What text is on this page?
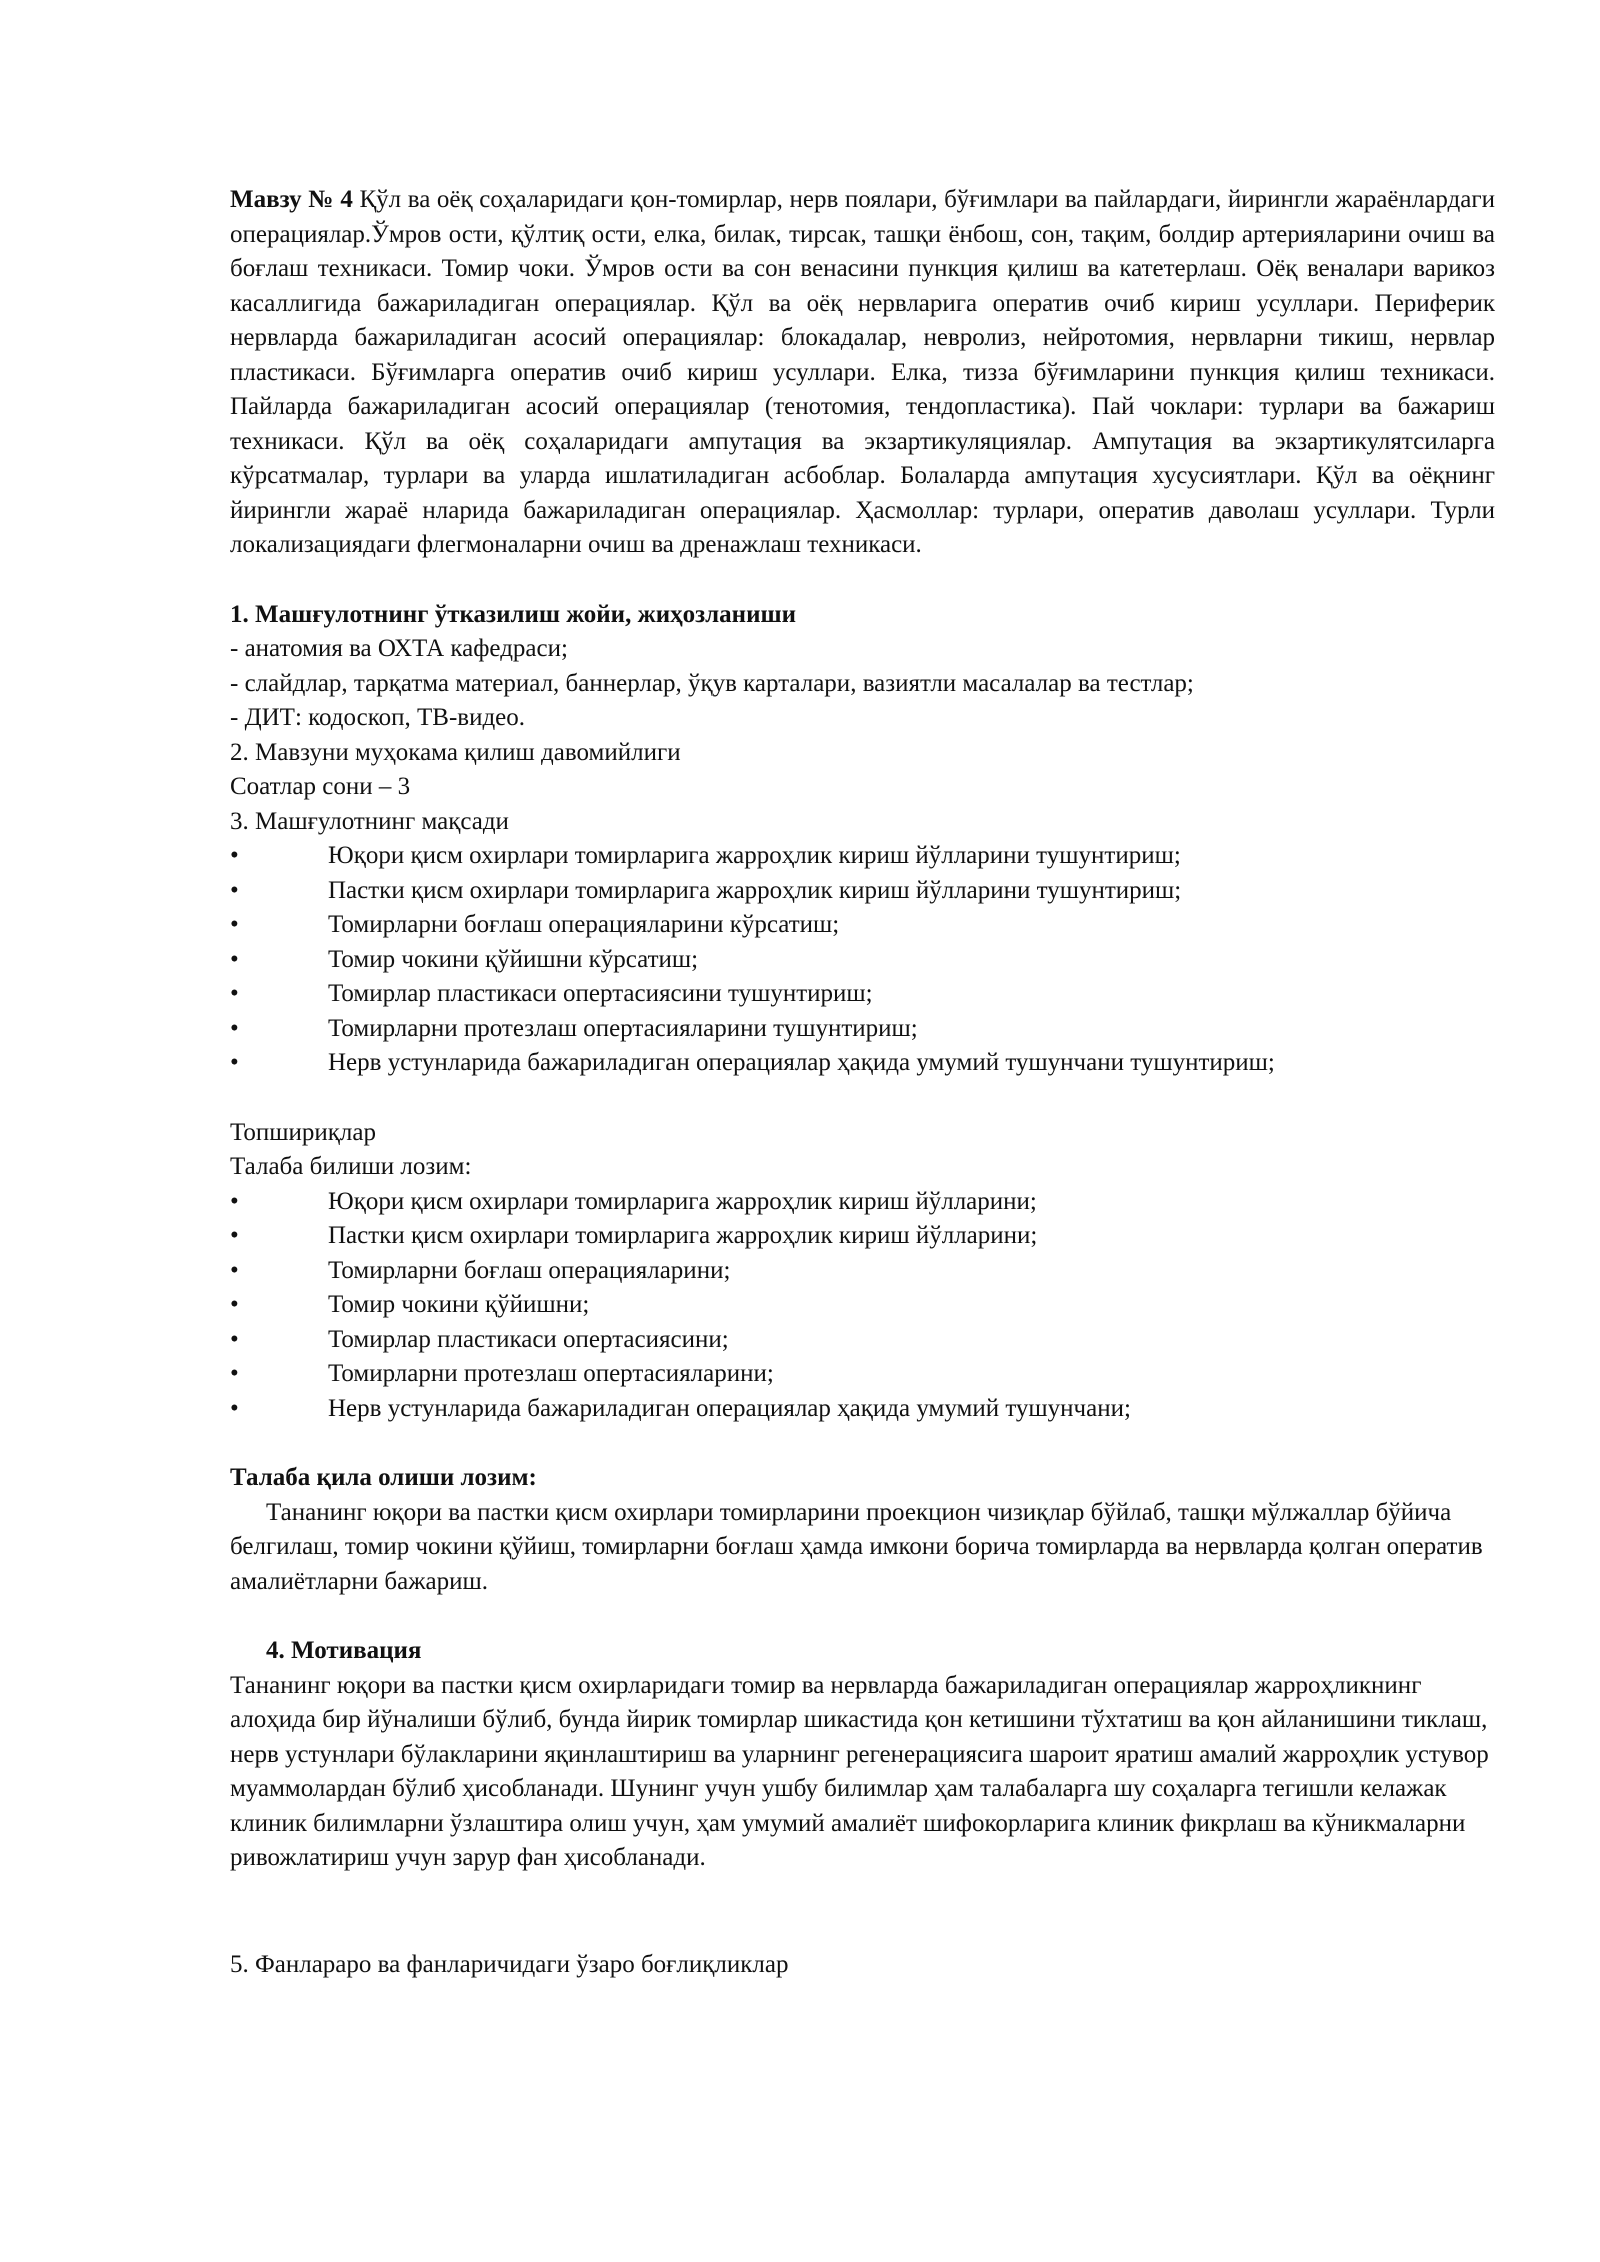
Мавзу № 4 Қўл ва оёқ соҳаларидаги қон-томирлар, нерв поялари, бўғимлари ва пайлардаги, йирингли жараёнлардаги операциялар.Ўмров ости, қўлтиқ ости, елка, билак, тирсак, ташқи ёнбош, сон, тақим, болдир артерияларини очиш ва боғлаш техникаси. Томир чоки. Ўмров ости ва сон венасини пункция қилиш ва катетерлаш. Оёқ веналари варикоз касаллигида бажариладиган операциялар. Қўл ва оёқ нервларига оператив очиб кириш усуллари. Периферик нервларда бажариладиган асосий операциялар: блокадалар, невролиз, нейротомия, нервларни тикиш, нервлар пластикаси. Бўғимларга оператив очиб кириш усуллари. Елка, тизза бўғимларини пункция қилиш техникаси. Пайларда бажариладиган асосий операциялар (тенотомия, тендопластика). Пай чоклари: турлари ва бажариш техникаси. Қўл ва оёқ соҳаларидаги ампутация ва экзартикуляциялар. Ампутация ва экзартикулятсиларга кўрсатмалар, турлари ва уларда ишлатиладиган асбоблар. Болаларда ампутация хусусиятлари. Қўл ва оёқнинг йирингли жараё нларида бажариладиган операциялар. Ҳасмоллар: турлари, оператив даволаш усуллари. Турли локализациядаги флегмоналарни очиш ва дренажлаш техникаси.

1. Машғулотнинг ўтказилиш жойи, жиҳозланиши

- анатомия ва ОХТА кафедраси;

- слайдлар, тарқатма материал, баннерлар, ўқув карталари, вазиятли масалалар ва тестлар;

- ДИТ: кодоскоп, ТВ-видео.

2. Мавзуни муҳокама қилиш давомийлиги

Соатлар сони – 3

3. Машғулотнинг мақсади

•	Юқори қисм охирлари томирларига жарроҳлик кириш йўлларини тушунтириш;
•	Пастки қисм охирлари томирларига жарроҳлик кириш йўлларини тушунтириш;
•	Томирларни боғлаш операцияларини кўрсатиш;
•	Томир чокини қўйишни кўрсатиш;
•	Томирлар пластикаси опертасиясини тушунтириш;
•	Томирларни протезлаш опертасияларини тушунтириш;
•	Нерв устунларида бажариладиган операциялар ҳақида умумий тушунчани тушунтириш;

Топшириқлар

Талаба билиши лозим:

•	Юқори қисм охирлари томирларига жарроҳлик кириш йўлларини;
•	Пастки қисм охирлари томирларига жарроҳлик кириш йўлларини;
•	Томирларни боғлаш операцияларини;
•	Томир чокини қўйишни;
•	Томирлар пластикаси опертасиясини;
•	Томирларни протезлаш опертасияларини;
•	Нерв устунларида бажариладиган операциялар ҳақида умумий тушунчани;

Талаба қила олиши лозим:

Тананинг юқори ва пастки қисм охирлари томирларини проекцион чизиқлар бўйлаб, ташқи мўлжаллар бўйича белгилаш, томир чокини қўйиш, томирларни боғлаш ҳамда имкони борича томирларда ва нервларда қолган оператив амалиётларни бажариш.

4. Мотивация

Тананинг юқори ва пастки қисм охирларидаги томир ва нервларда бажариладиган операциялар жарроҳликнинг алоҳида бир йўналиши бўлиб, бунда йирик томирлар шикастида қон кетишини тўхтатиш ва қон айланишини тиклаш, нерв устунлари бўлакларини яқинлаштириш ва уларнинг регенерациясига шароит яратиш амалий жарроҳлик устувор муаммолардан бўлиб ҳисобланади. Шунинг учун ушбу билимлар ҳам талабаларга шу соҳаларга тегишли келажак клиник билимларни ўзлаштира олиш учун, ҳам умумий амалиёт шифокорларига клиник фикрлаш ва кўникмаларни ривожлатириш учун зарур фан ҳисобланади.

5. Фанлараро ва фанларичидаги ўзаро боғлиқликлар
